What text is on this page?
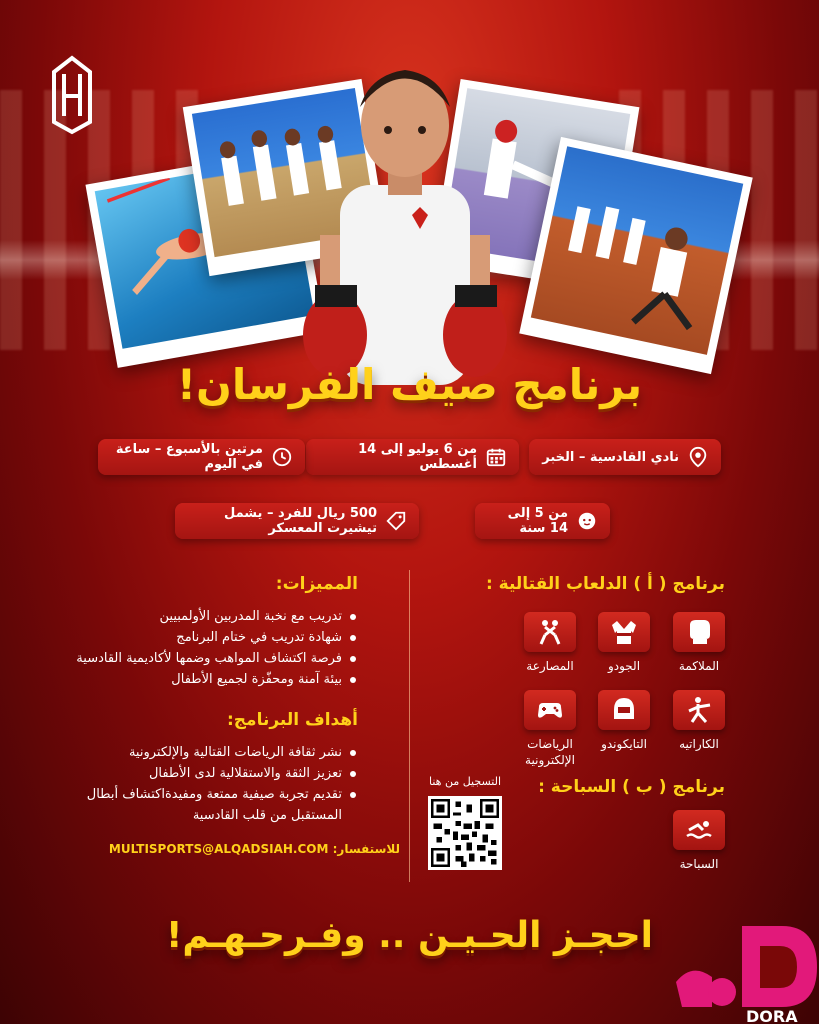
برنامج صيف الفرسان!
نادي القادسية – الخبر
من 6 يوليو إلى 14 أغسطس
مرتين بالأسبوع – ساعة في اليوم
من 5 إلى 14 سنة
500 ريال للفرد – يشمل تيشيرت المعسكر
برنامج ( أ ) الدلعاب القتالية :
الملاكمة
الجودو
المصارعة
الكاراتيه
التايكوندو
الرياضات الإلكترونية
برنامج ( ب ) السباحة :
السباحة
المميزات:
تدريب مع نخبة المدربين الأولمبيين
شهادة تدريب في ختام البرنامج
فرصة اكتشاف المواهب وضمها لأكاديمية القادسية
بيئة آمنة ومحفّزة لجميع الأطفال
أهداف البرنامج:
نشر ثقافة الرياضات القتالية والإلكترونية
تعزيز الثقة والاستقلالية لدى الأطفال
تقديم تجربة صيفية ممتعة ومفيدةاكتشاف أبطال المستقبل من قلب القادسية
التسجيل من هنا
للاستفسار: MULTISPORTS@ALQADSIAH.COM
احجـز الحـيـن .. وفـرحـهـم!
DORA
